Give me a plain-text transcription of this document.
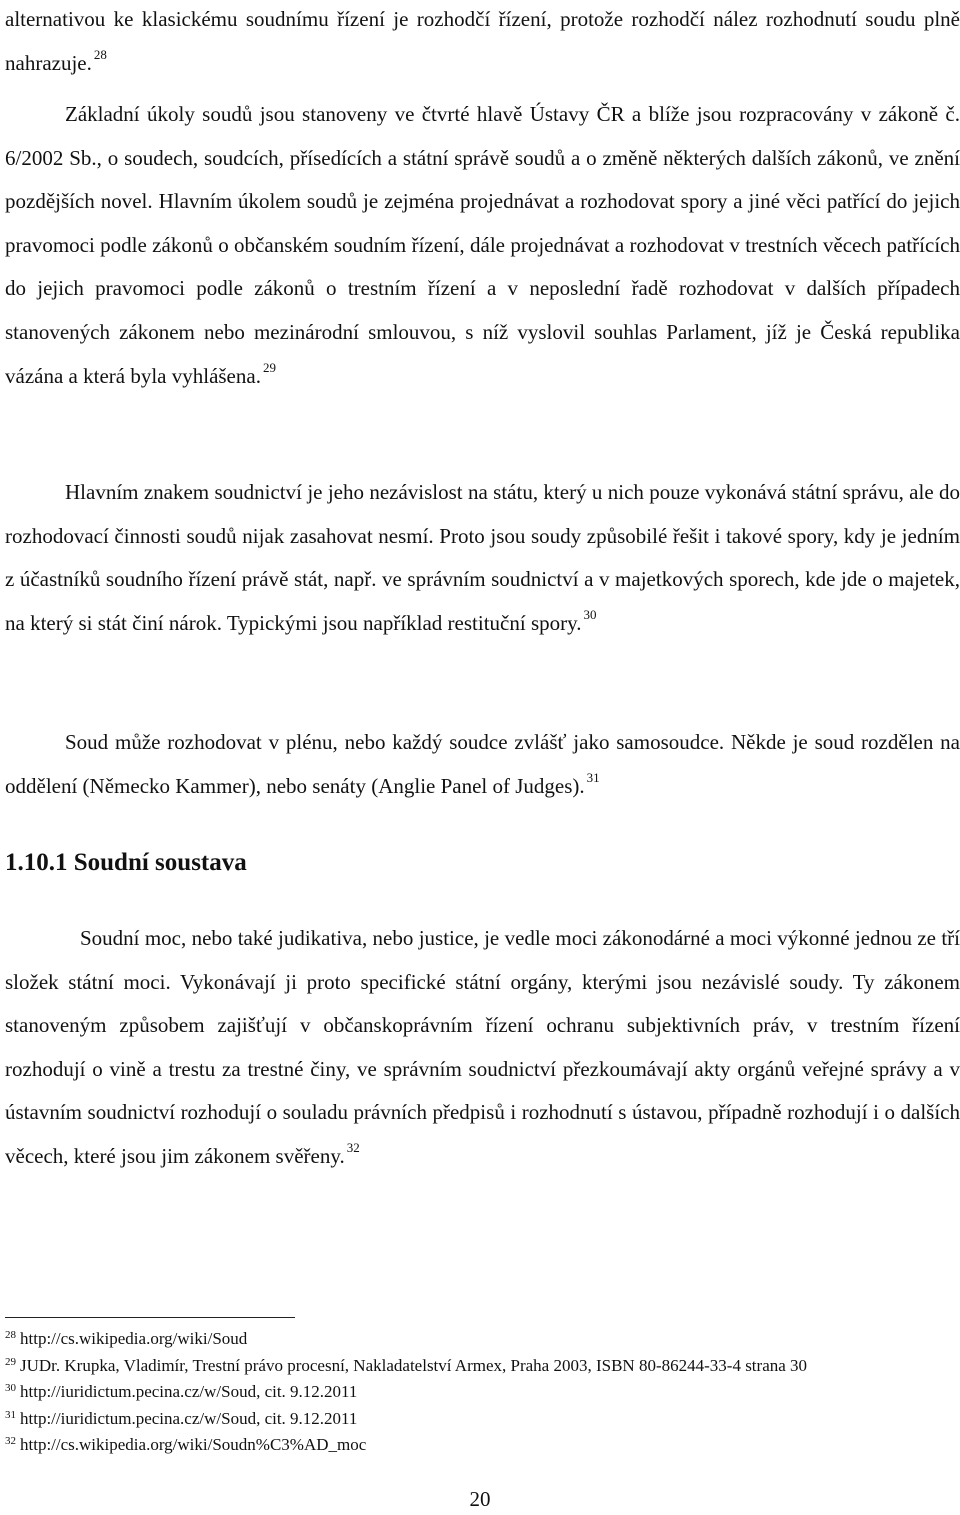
alternativou ke klasickému soudnímu řízení je rozhodčí řízení, protože rozhodčí nález rozhodnutí soudu plně nahrazuje. $^{28}$

Základní úkoly soudů jsou stanoveny ve čtvrté hlavě Ústavy ČR a blíže jsou rozpracovány v zákoně č. 6/2002 Sb., o soudech, soudcích, přísedících a státní správě soudů a o změně některých dalších zákonů, ve znění pozdějších novel. Hlavním úkolem soudů je zejména projednávat a rozhodovat spory a jiné věci patřící do jejich pravomoci podle zákonů o občanském soudním řízení, dále projednávat a rozhodovat v trestních věcech patřících do jejich pravomoci podle zákonů o trestním řízení a v neposlední řadě rozhodovat v dalších případech stanovených zákonem nebo mezinárodní smlouvou, s níž vyslovil souhlas Parlament, jíž je Česká republika vázána a která byla vyhlášena. $^{29}$

Hlavním znakem soudnictví je jeho nezávislost na státu, který u nich pouze vykonává státní správu, ale do rozhodovací činnosti soudů nijak zasahovat nesmí. Proto jsou soudy způsobilé řešit i takové spory, kdy je jedním z účastníků soudního řízení právě stát, např. ve správním soudnictví a v majetkových sporech, kde jde o majetek, na který si stát činí nárok. Typickými jsou například restituční spory. $^{30}$

Soud může rozhodovat v plénu, nebo každý soudce zvlášť jako samosoudce. Někde je soud rozdělen na oddělení (Německo Kammer), nebo senáty (Anglie Panel of Judges). $^{31}$

1.10.1 Soudní soustava

Soudní moc, nebo také judikativa, nebo justice, je vedle moci zákonodárné a moci výkonné jednou ze tří složek státní moci. Vykonávají ji proto specifické státní orgány, kterými jsou nezávislé soudy. Ty zákonem stanoveným způsobem zajišťují v občanskoprávním řízení ochranu subjektivních práv, v trestním řízení rozhodují o vině a trestu za trestné činy, ve správním soudnictví přezkoumávají akty orgánů veřejné správy a v ústavním soudnictví rozhodují o souladu právních předpisů i rozhodnutí s ústavou, případně rozhodují i o dalších věcech, které jsou jim zákonem svěřeny. $^{32}$

$^{28}$ http://cs.wikipedia.org/wiki/Soud
$^{29}$ JUDr. Krupka, Vladimír, Trestní právo procesní, Nakladatelství Armex, Praha 2003, ISBN 80-86244-33-4 strana 30
$^{30}$ http://iuridictum.pecina.cz/w/Soud, cit. 9.12.2011
$^{31}$ http://iuridictum.pecina.cz/w/Soud, cit. 9.12.2011
$^{32}$ http://cs.wikipedia.org/wiki/Soudn%C3%AD_moc
20
